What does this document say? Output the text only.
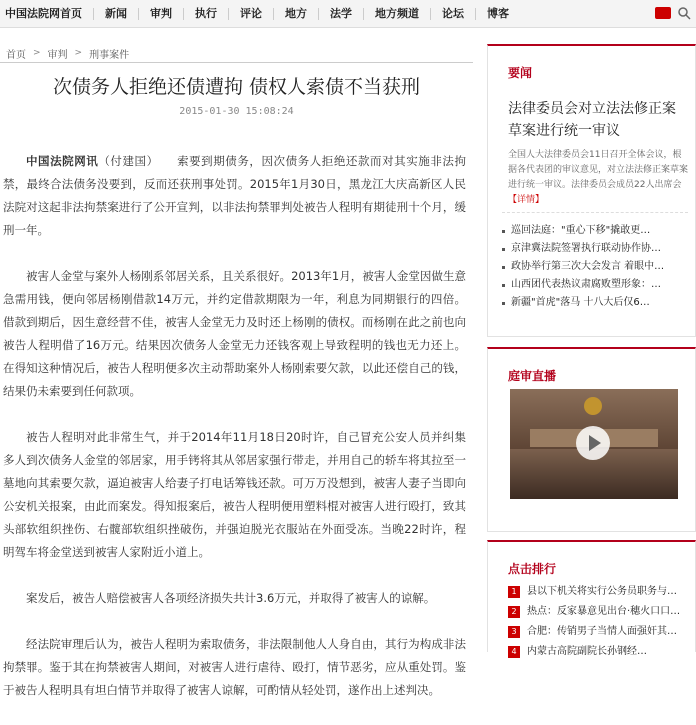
中国法院网首页	新闻	审判	执行	评论	地方	法学	地方频道	论坛	博客
首页 > 审判 > 刑事案件
次债务人拒绝还债遭拘 债权人索债不当获刑
2015-01-30 15:08:24

中国法院网讯（付建国）　　 索要到期债务，因次债务人拒绝还款而对其实施非法拘禁，最终合法债务没要到，反而还获刑事处罚。2015年1月30日，黑龙江大庆高新区人民法院对这起非法拘禁案进行了公开宣判，以非法拘禁罪判处被告人程明有期徒刑十个月，缓刑一年。

被害人金堂与案外人杨刚系邻居关系，且关系很好。2013年1月，被害人金堂因做生意急需用钱，便向邻居杨刚借款14万元，并约定借款期限为一年，利息为同期银行的四倍。借款到期后，因生意经营不佳，被害人金堂无力及时还上杨刚的债权。而杨刚在此之前也向被告人程明借了16万元。结果因次债务人金堂无力还钱客观上导致程明的钱也无力还上。在得知这种情况后，被告人程明便多次主动帮助案外人杨刚索要欠款，以此还偿自己的钱，结果仍未索要到任何款项。

被告人程明对此非常生气，并于2014年11月18日20时许，自己冒充公安人员并纠集多人到次债务人金堂的邻居家，用手铐将其从邻居家强行带走，并用自己的轿车将其拉至一墓地向其索要欠款，逼迫被害人给妻子打电话筹钱还款。可万万没想到，被害人妻子当即向公安机关报案，由此而案发。得知报案后，被告人程明便用塑料棍对被害人进行殴打，致其头部软组织挫伤、右髋部软组织挫破伤，并强迫脱光衣服站在外面受冻。当晚22时许，程明驾车将金堂送到被害人家附近小道上。

案发后，被告人赔偿被害人各项经济损失共计3.6万元，并取得了被害人的谅解。

经法院审理后认为，被告人程明为索取债务，非法限制他人人身自由，其行为构成非法拘禁罪。鉴于其在拘禁被害人期间，对被害人进行虐待、殴打，情节恶劣，应从重处罚。鉴于被告人程明具有坦白情节并取得了被害人谅解，可酌情从轻处罚，遂作出上述判决。

要闻
法律委员会对立法法修正案草案进行统一审议
全国人大法律委员会11日召开全体会议，根据各代表团的审议意见，对立法法修正案草案进行统一审议。法律委员会成员22人出席会【详情】
巡回法庭："重心下移"撬敢更…
京津冀法院签署执行联动协作协…
政协举行第三次大会发言 着眼中…
山西团代表热议肃腐败塑形象：…
新疆"首虎"落马 十八大后仅6…
庭审直播
点击排行
1	县以下机关将实行公务员职务与…
2	热点：反家暴意见出台·穗火口口…
3	合肥：传销男子当情人面强奸其…
4	内蒙古高院副院长孙钢经…
